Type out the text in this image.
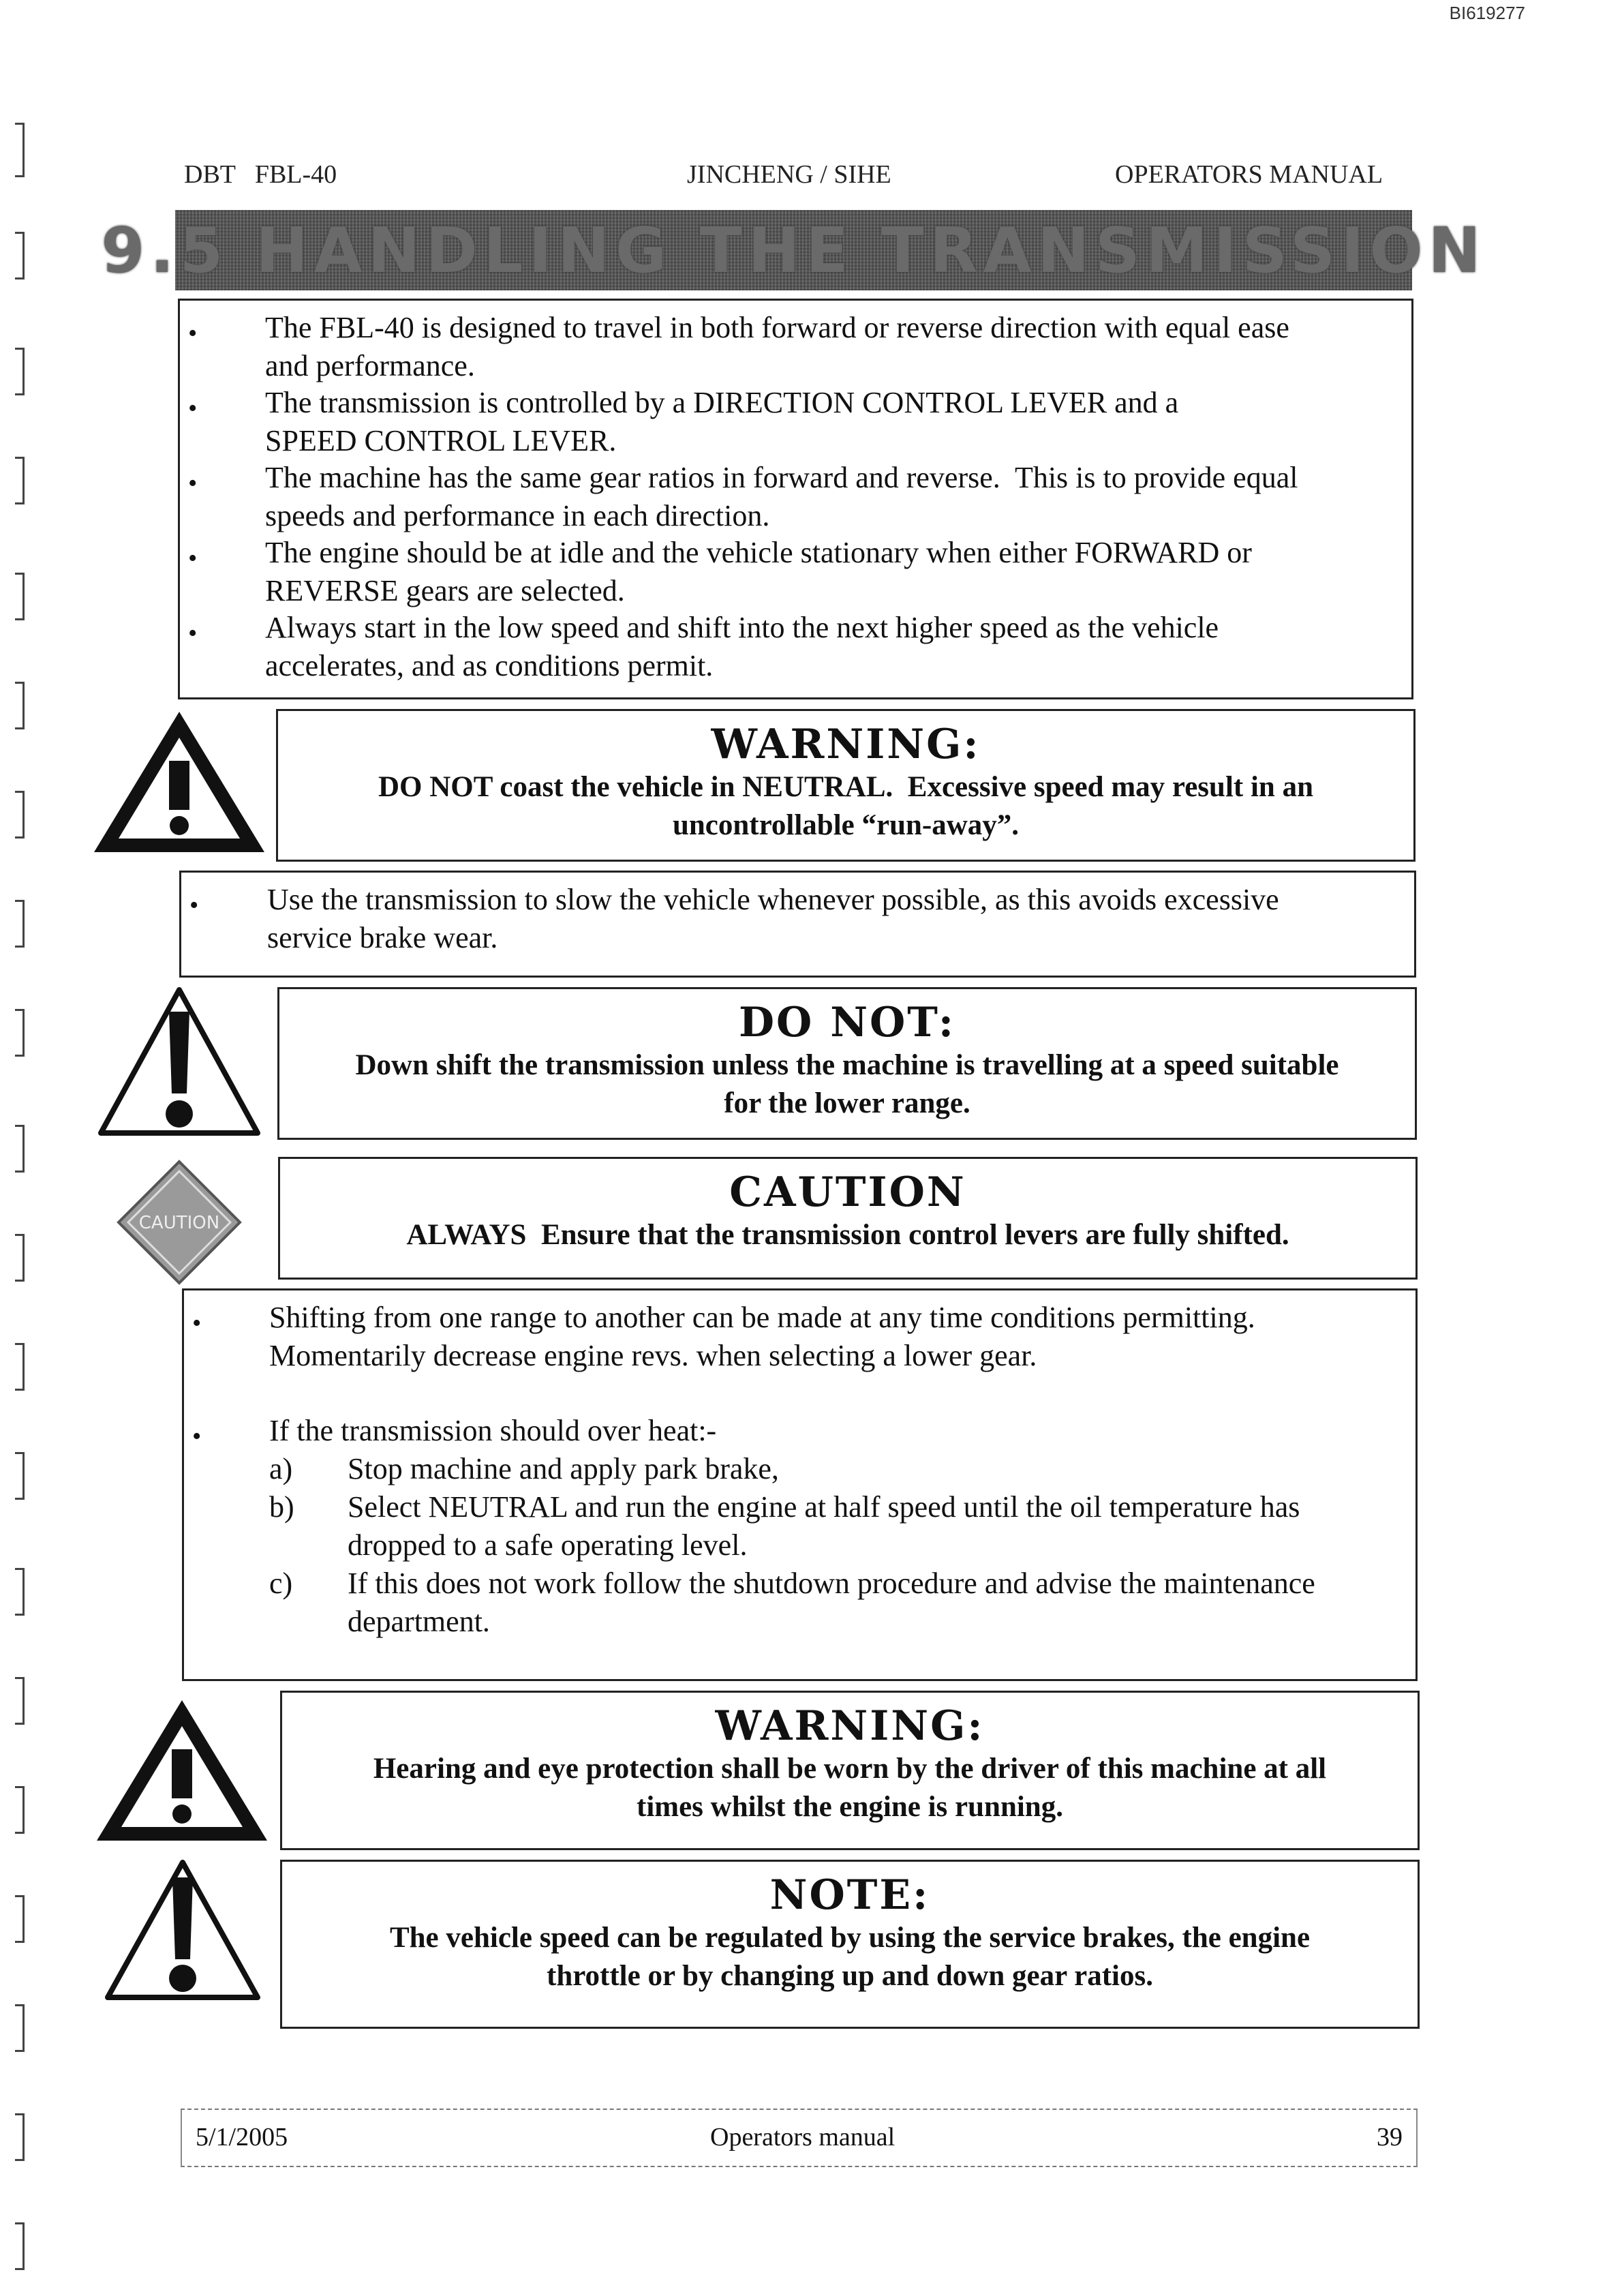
BI619277
DBT   FBL-40	JINCHENG / SIHE	OPERATORS MANUAL
9.5 HANDLING THE TRANSMISSION
• The FBL-40 is designed to travel in both forward or reverse direction with equal ease
and performance.
• The transmission is controlled by a DIRECTION CONTROL LEVER and a
SPEED CONTROL LEVER.
• The machine has the same gear ratios in forward and reverse.  This is to provide equal
speeds and performance in each direction.
• The engine should be at idle and the vehicle stationary when either FORWARD or
REVERSE gears are selected.
• Always start in the low speed and shift into the next higher speed as the vehicle
accelerates, and as conditions permit.
WARNING:
DO NOT coast the vehicle in NEUTRAL.  Excessive speed may result in an
uncontrollable “run-away”.
• Use the transmission to slow the vehicle whenever possible, as this avoids excessive
service brake wear.
DO NOT:
Down shift the transmission unless the machine is travelling at a speed suitable
for the lower range.
CAUTION
CAUTION
ALWAYS  Ensure that the transmission control levers are fully shifted.
• Shifting from one range to another can be made at any time conditions permitting.
Momentarily decrease engine revs. when selecting a lower gear.
• If the transmission should over heat:-
a) Stop machine and apply park brake,
b) Select NEUTRAL and run the engine at half speed until the oil temperature has
dropped to a safe operating level.
c) If this does not work follow the shutdown procedure and advise the maintenance
department.
WARNING:
Hearing and eye protection shall be worn by the driver of this machine at all
times whilst the engine is running.
NOTE:
The vehicle speed can be regulated by using the service brakes, the engine
throttle or by changing up and down gear ratios.
5/1/2005	Operators manual	39
